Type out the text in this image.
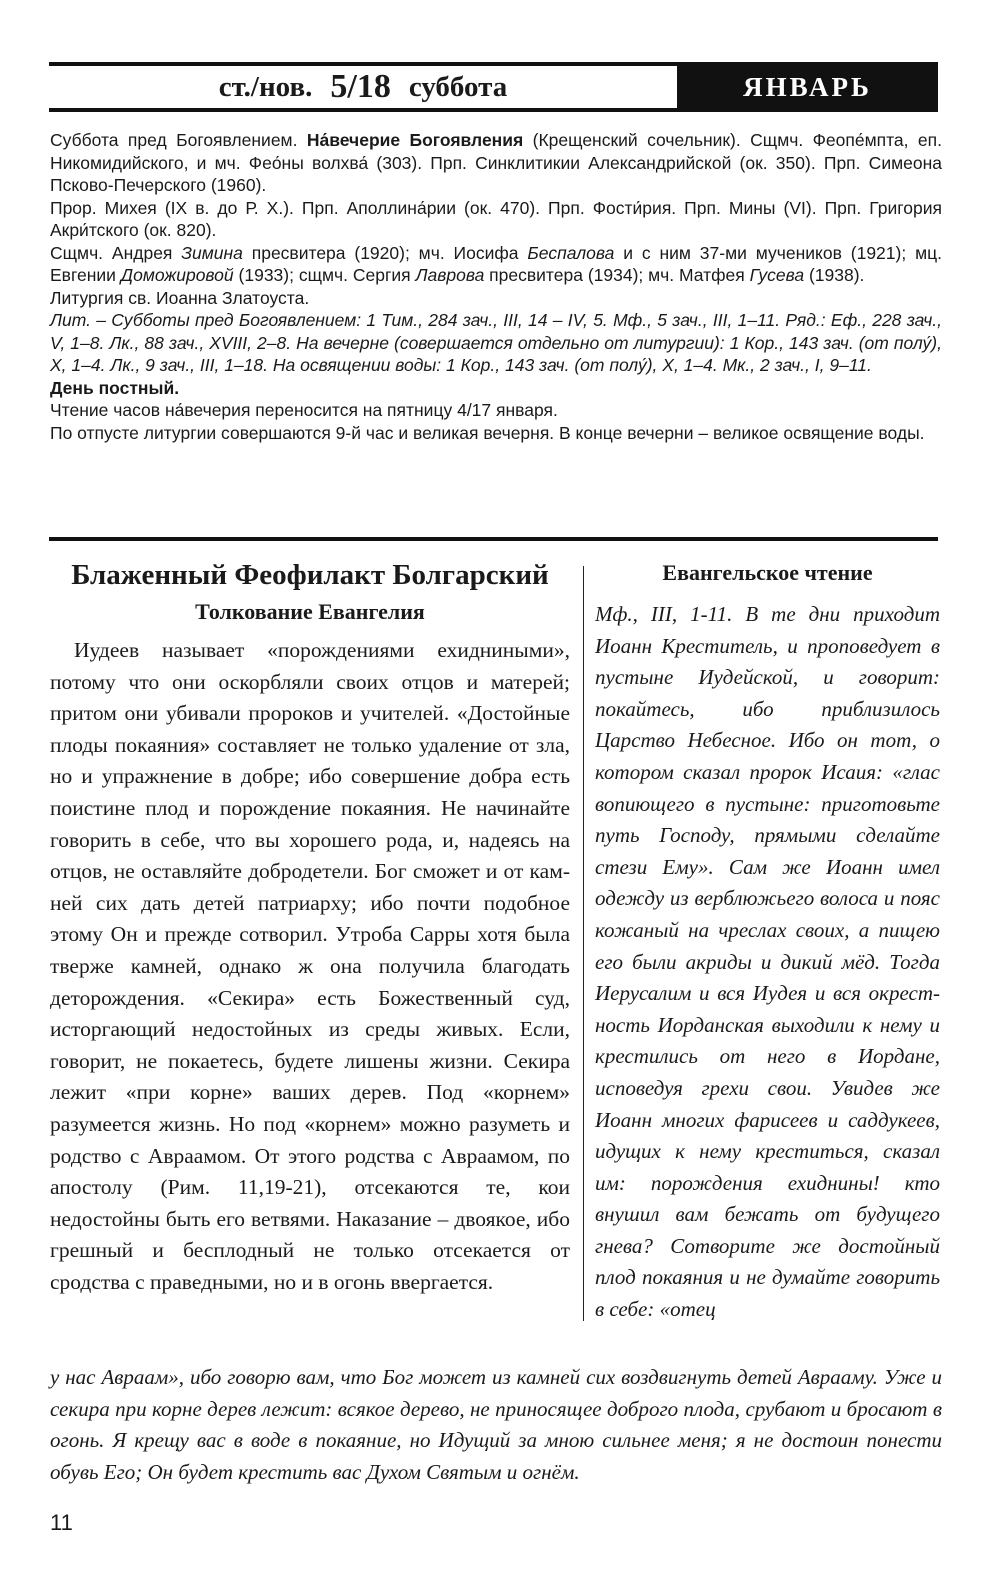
ст./нов. 5/18 суббота	ЯНВАРЬ

Суббота пред Богоявлением. На́вечерие Богоявления (Крещенский сочельник). Сщмч. Феопе́мпта, еп. Никомидийского, и мч. Фео́ны волхва́ (303). Прп. Синклитикии Александрийской (ок. 350). Прп. Симеона Псково-Печерского (1960).

Прор. Михея (IX в. до Р. Х.). Прп. Аполлина́рии (ок. 470). Прп. Фости́рия. Прп. Мины (VI). Прп. Григория Акри́тского (ок. 820).

Сщмч. Андрея Зимина пресвитера (1920); мч. Иосифа Беспалова и с ним 37-ми мучеников (1921); мц. Евгении Доможировой (1933); сщмч. Сергия Лаврова пресвитера (1934); мч. Матфея Гусева (1938).

Литургия св. Иоанна Златоуста.

Лит. – Субботы пред Богоявлением: 1 Тим., 284 зач., III, 14 – IV, 5. Мф., 5 зач., III, 1–11. Ряд.: Еф., 228 зач., V, 1–8. Лк., 88 зач., XVIII, 2–8. На вечерне (совершается отдельно от литургии): 1 Кор., 143 зач. (от полу́), X, 1–4. Лк., 9 зач., III, 1–18. На освящении воды: 1 Кор., 143 зач. (от полу́), X, 1–4. Мк., 2 зач., I, 9–11.

День постный.

Чтение часов на́вечерия переносится на пятницу 4/17 января.

По отпусте литургии совершаются 9-й час и великая вечерня. В конце вечерни – великое освящение воды.

Блаженный Феофилакт Болгарский
Толкование Евангелия

Иудеев называет «порождениями ехидниными», потому что они оскорбляли своих отцов и матерей; притом они убивали пророков и учителей. «Достойные плоды покаяния» составляет не только удаление от зла, но и упражнение в добре; ибо совершение добра есть поистине плод и порождение покаяния. Не начинайте говорить в себе, что вы хорошего рода, и, надеясь на отцов, не оставляйте добродетели. Бог сможет и от камней сих дать детей патриарху; ибо почти подобное этому Он и прежде сотворил. Утроба Сарры хотя была тверже камней, однако ж она получила благодать деторождения. «Секира» есть Божественный суд, исторгающий недостойных из среды живых. Если, говорит, не покаетесь, будете лишены жизни. Секира лежит «при корне» ваших дерев. Под «корнем» разумеется жизнь. Но под «корнем» можно разуметь и родство с Авраамом. От этого родства с Авраамом, по апостолу (Рим. 11,19-21), отсекаются те, кои недостойны быть его ветвями. Наказание – двоякое, ибо грешный и бесплодный не только отсекается от сродства с праведными, но и в огонь ввергается.

Евангельское чтение

Мф., III, 1-11. В те дни приходит Иоанн Креститель, и проповедует в пустыне Иудейской, и говорит: покайтесь, ибо приблизилось Царство Небесное. Ибо он тот, о котором сказал пророк Исаия: «глас вопиющего в пустыне: приготовьте путь Господу, прямыми сделайте стези Ему». Сам же Иоанн имел одежду из верблюжьего волоса и пояс кожаный на чреслах своих, а пищею его были акриды и дикий мёд. Тогда Иерусалим и вся Иудея и вся окрестность Иорданская выходили к нему и крестились от него в Иордане, исповедуя грехи свои. Увидев же Иоанн многих фарисеев и саддукеев, идущих к нему креститься, сказал им: порождения ехиднины! кто внушил вам бежать от будущего гнева? Сотворите же достойный плод покаяния и не думайте говорить в себе: «отец

у нас Авраам», ибо говорю вам, что Бог может из камней сих воздвигнуть детей Аврааму. Уже и секира при корне дерев лежит: всякое дерево, не приносящее доброго плода, срубают и бросают в огонь. Я крещу вас в воде в покаяние, но Идущий за мною сильнее меня; я не достоин понести обувь Его; Он будет крестить вас Духом Святым и огнём.

11
